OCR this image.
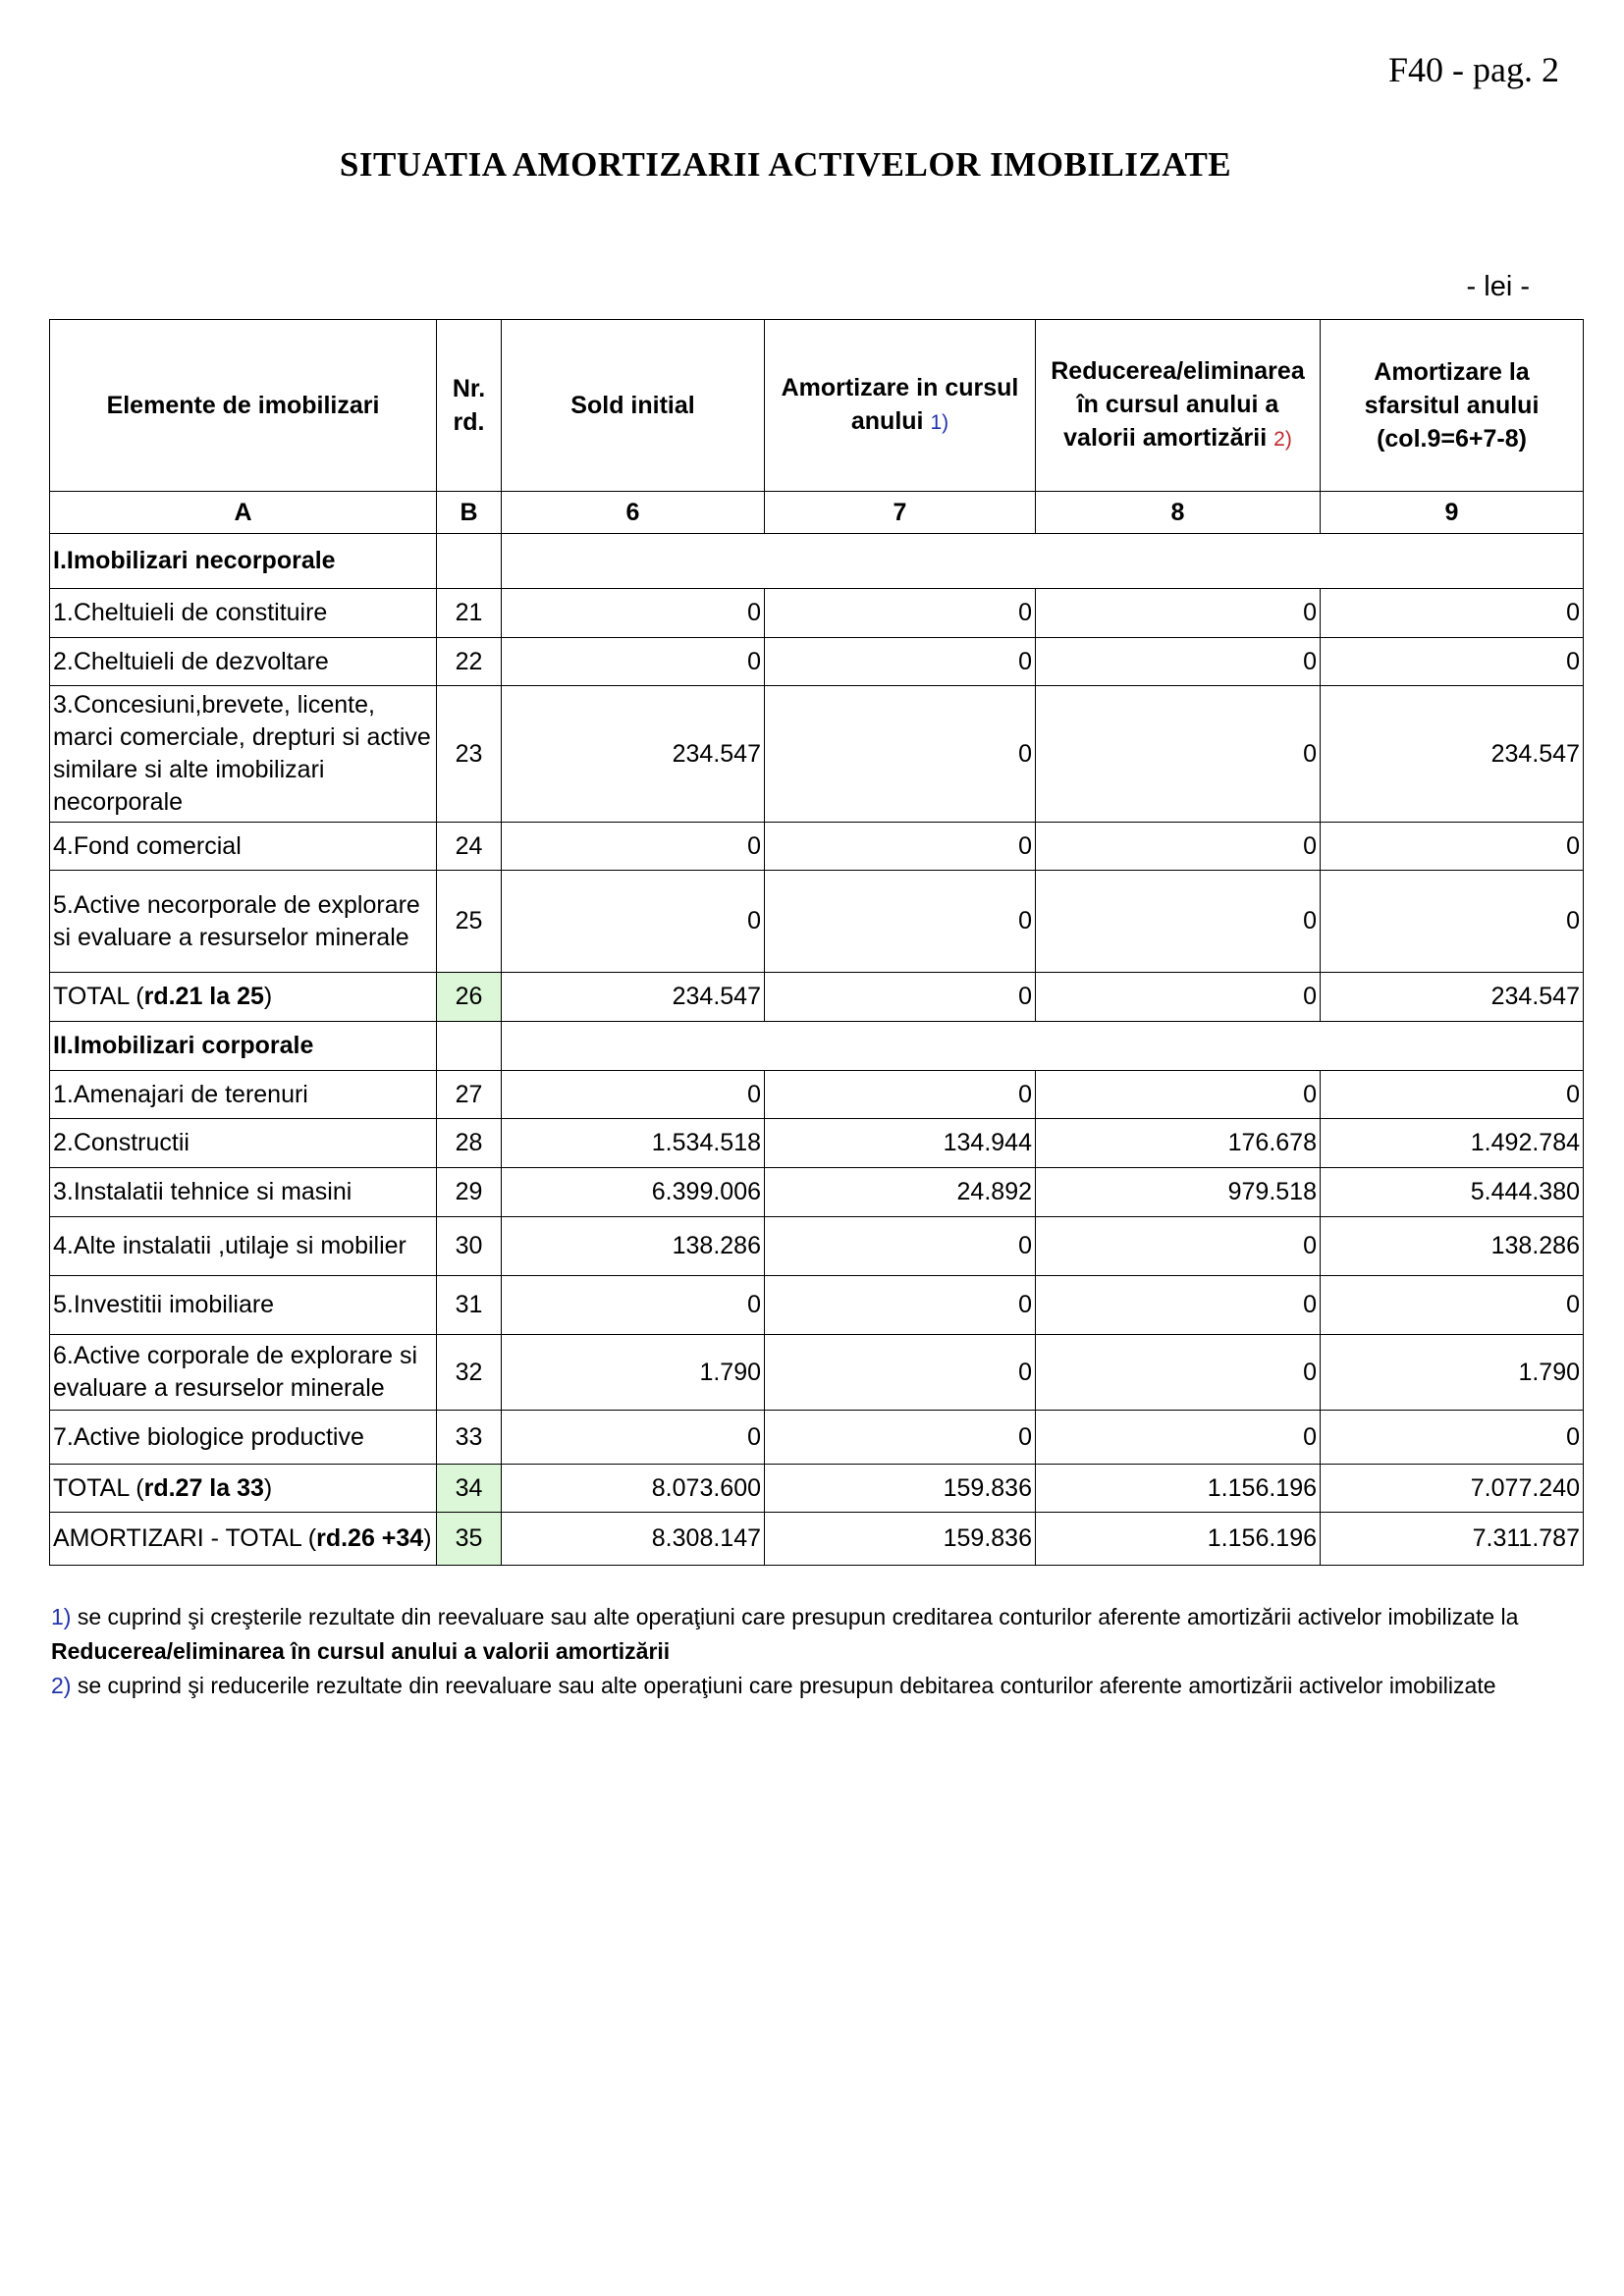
F40 - pag. 2
SITUATIA AMORTIZARII ACTIVELOR IMOBILIZATE
- lei -
Elemente de imobilizari	Nr. rd.	Sold initial	Amortizare in cursul anului 1)	Reducerea/eliminarea în cursul anului a valorii amortizării 2)	Amortizare la sfarsitul anului (col.9=6+7-8)
A	B	6	7	8	9
I.Imobilizari necorporale					
1.Cheltuieli de constituire	21	0	0	0	0
2.Cheltuieli de dezvoltare	22	0	0	0	0
3.Concesiuni,brevete, licente, marci comerciale, drepturi si active similare si alte imobilizari necorporale	23	234.547	0	0	234.547
4.Fond comercial	24	0	0	0	0
5.Active necorporale de explorare si evaluare a resurselor minerale	25	0	0	0	0
TOTAL (rd.21 la 25)	26	234.547	0	0	234.547
II.Imobilizari corporale					
1.Amenajari de terenuri	27	0	0	0	0
2.Constructii	28	1.534.518	134.944	176.678	1.492.784
3.Instalatii tehnice si masini	29	6.399.006	24.892	979.518	5.444.380
4.Alte instalatii ,utilaje si mobilier	30	138.286	0	0	138.286
5.Investitii imobiliare	31	0	0	0	0
6.Active corporale de explorare si evaluare a resurselor minerale	32	1.790	0	0	1.790
7.Active biologice productive	33	0	0	0	0
TOTAL (rd.27 la 33)	34	8.073.600	159.836	1.156.196	7.077.240
AMORTIZARI - TOTAL (rd.26 +34)	35	8.308.147	159.836	1.156.196	7.311.787
1) se cuprind şi creşterile rezultate din reevaluare sau alte operaţiuni care presupun creditarea conturilor aferente amortizării activelor imobilizate la
Reducerea/eliminarea în cursul anului a valorii amortizării
2) se cuprind şi reducerile rezultate din reevaluare sau alte operaţiuni care presupun debitarea conturilor aferente amortizării activelor imobilizate
